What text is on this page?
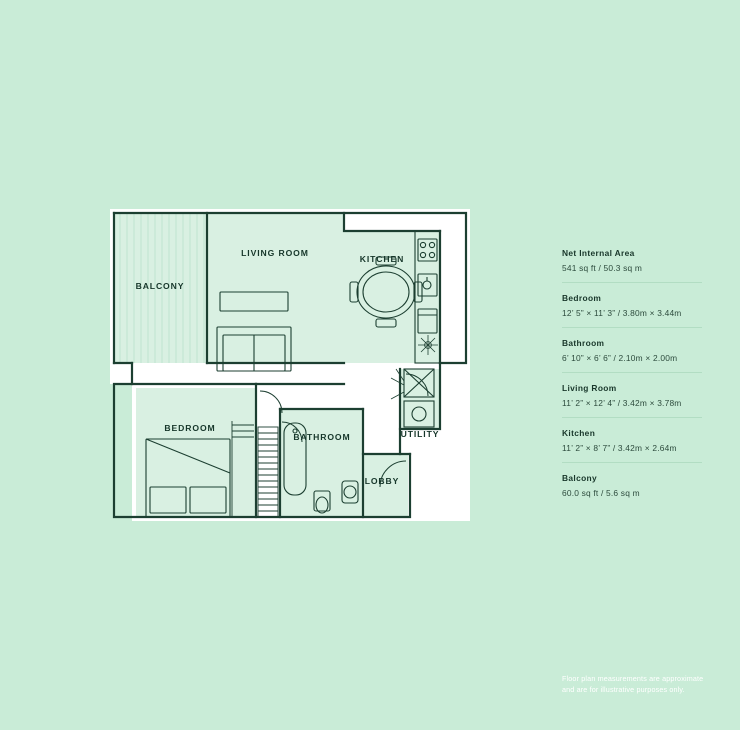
BALCONY
LIVING ROOM
KITCHEN
BEDROOM
BATHROOM	UTILITY
LOBBY
Net Internal Area
541 sq ft / 50.3 sq m
Bedroom
12’ 5” × 11’ 3” / 3.80m × 3.44m
Bathroom
6’ 10” × 6’ 6” / 2.10m × 2.00m
Living Room
11’ 2” × 12’ 4” / 3.42m × 3.78m
Kitchen
11’ 2” × 8’ 7” / 3.42m × 2.64m
Balcony
60.0 sq ft / 5.6 sq m
Floor plan measurements are approximate
and are for illustrative purposes only.
